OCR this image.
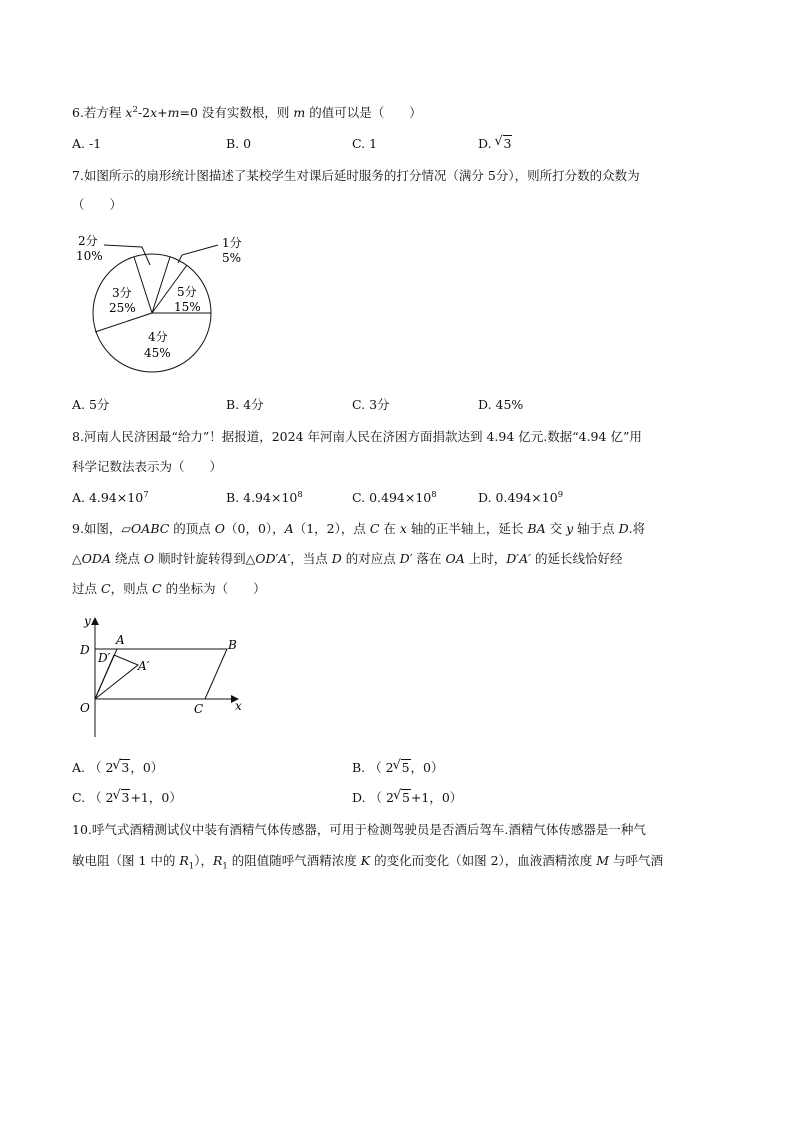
6.若方程 $x^2-2x+m=0$ 没有实数根，则 m 的值可以是（　　）
A. -1	B. 0	C. 1	D. √ 3
7.如图所示的扇形统计图描述了某校学生对课后延时服务的打分情况（满分 5分），则所打分数的众数为
（　　）
2分
10%
1分
5%
5分
15%
3分
25%
4分
45%
A. 5分	B. 4分	C. 3分	D. 45%
8.河南人民济困最“给力”！据报道，2024 年河南人民在济困方面捐款达到 4.94 亿元.数据“4.94 亿”用
科学记数法表示为（　　）
A. $4.94\times 10^7$	B. $4.94\times 10^8$	C. $0.494\times 10^8$	D. $0.494\times 10^9$
9.如图，▱OABC 的顶点 O（0，0），A（1，2），点 C 在 x 轴的正半轴上，延长 BA 交 y 轴于点 D.将
△ODA 绕点 O 顺时针旋转得到△OD′A′，当点 D 的对应点 D′ 落在 OA 上时，D′A′ 的延长线恰好经
过点 C，则点 C 的坐标为（　　）
y
x
A	B
D
D′
A′
O	C
A. （ 2 √ 3，0）	B. （ 2 √ 5，0）
C. （ 2 √ 3+1，0）	D. （ 2 √ 5+1，0）
10.呼气式酒精测试仪中装有酒精气体传感器，可用于检测驾驶员是否酒后驾车.酒精气体传感器是一种气
敏电阻（图 1 中的 $R_1$），$R_1$ 的阻值随呼气酒精浓度 K 的变化而变化（如图 2），血液酒精浓度 M 与呼气酒
